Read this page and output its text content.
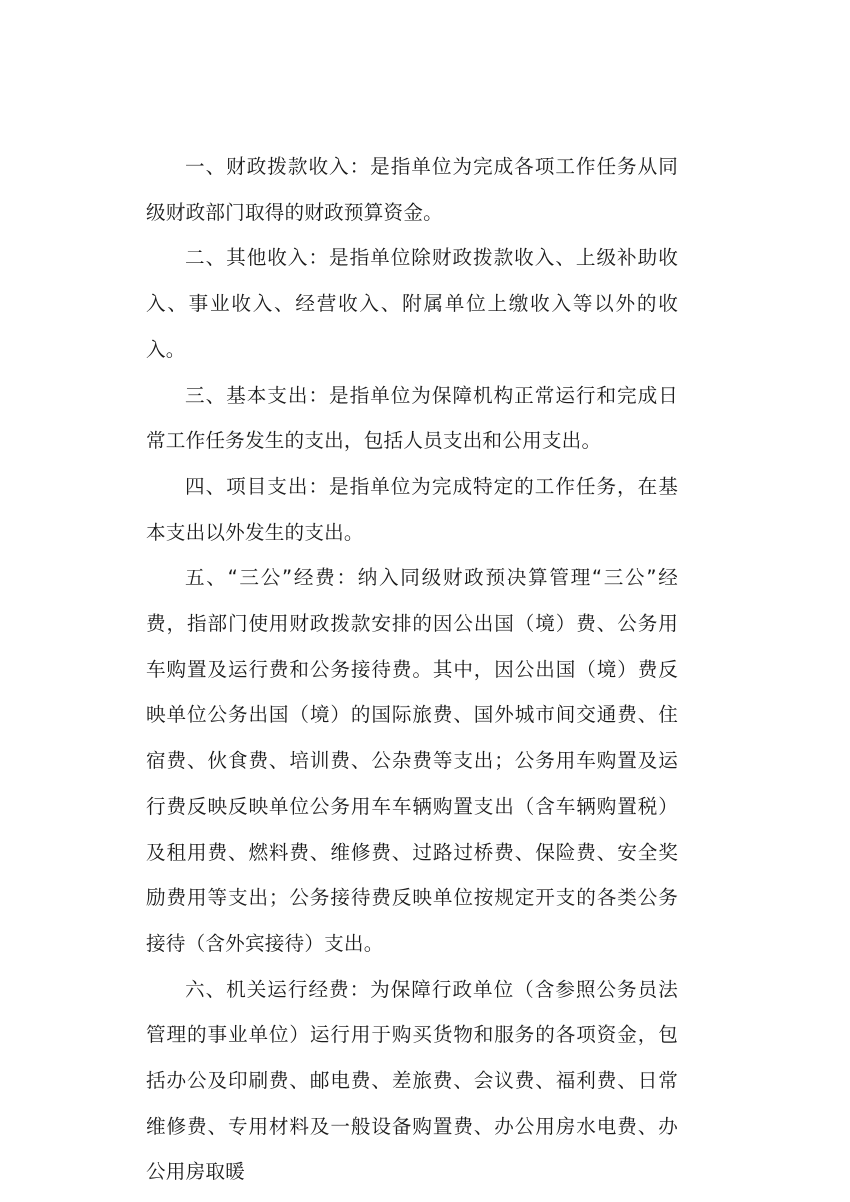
一、财政拨款收入：是指单位为完成各项工作任务从同级财政部门取得的财政预算资金。

二、其他收入：是指单位除财政拨款收入、上级补助收入、事业收入、经营收入、附属单位上缴收入等以外的收入。

三、基本支出：是指单位为保障机构正常运行和完成日常工作任务发生的支出，包括人员支出和公用支出。

四、项目支出：是指单位为完成特定的工作任务，在基本支出以外发生的支出。

五、“三公”经费：纳入同级财政预决算管理“三公”经费，指部门使用财政拨款安排的因公出国（境）费、公务用车购置及运行费和公务接待费。其中，因公出国（境）费反映单位公务出国（境）的国际旅费、国外城市间交通费、住宿费、伙食费、培训费、公杂费等支出；公务用车购置及运行费反映反映单位公务用车车辆购置支出（含车辆购置税）及租用费、燃料费、维修费、过路过桥费、保险费、安全奖励费用等支出；公务接待费反映单位按规定开支的各类公务接待（含外宾接待）支出。

六、机关运行经费：为保障行政单位（含参照公务员法管理的事业单位）运行用于购买货物和服务的各项资金，包括办公及印刷费、邮电费、差旅费、会议费、福利费、日常维修费、专用材料及一般设备购置费、办公用房水电费、办公用房取暖
